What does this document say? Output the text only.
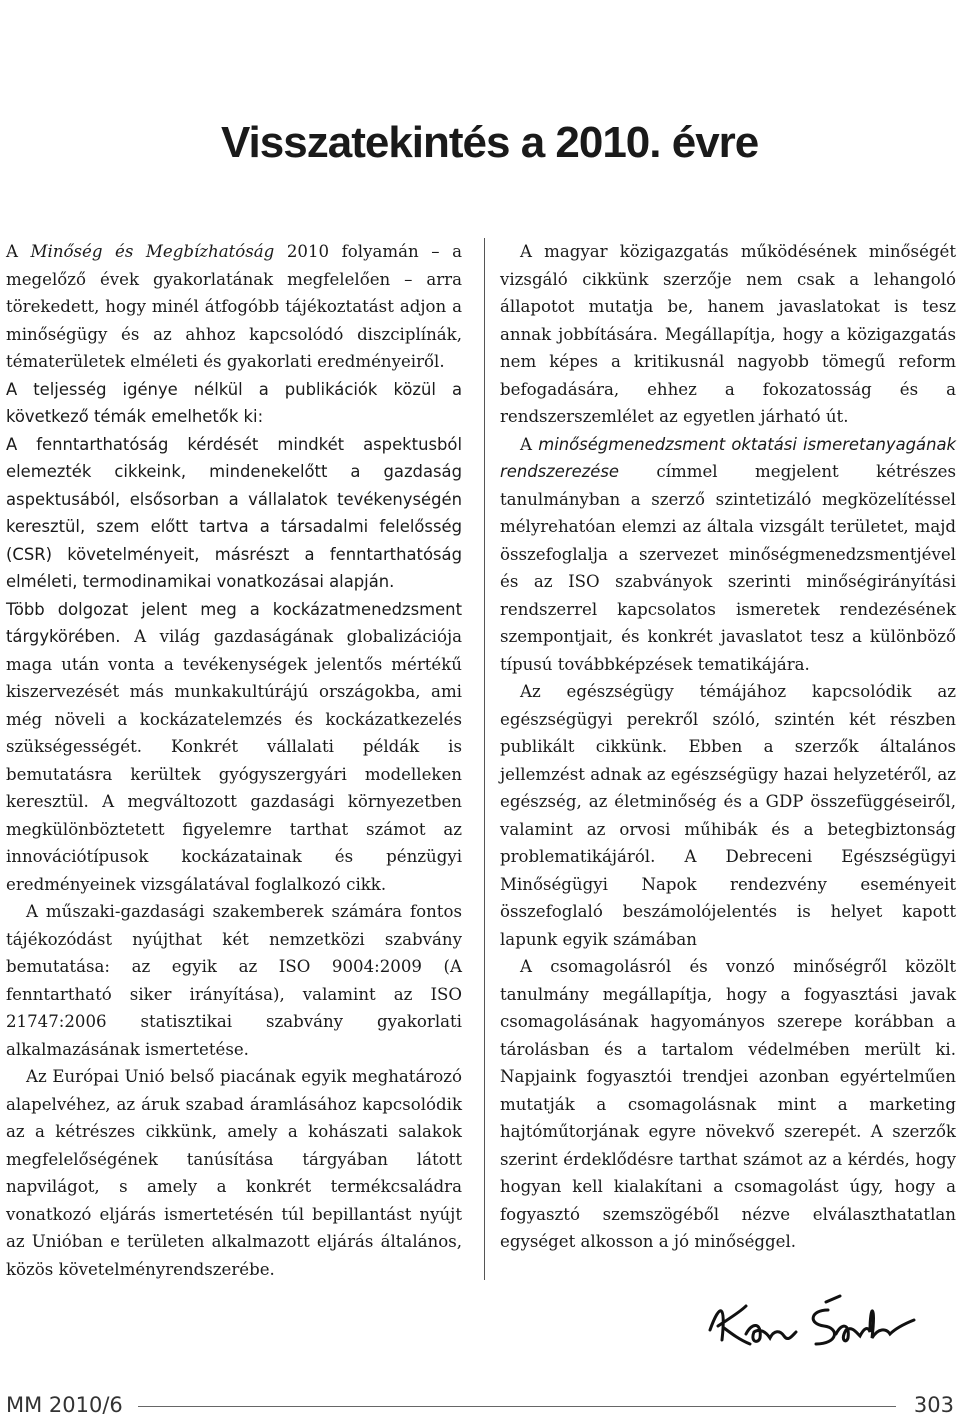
Visszatekintés a 2010. évre

A Minőség és Megbízhatóság 2010 folyamán – a megelőző évek gyakorlatának megfelelően – arra törekedett, hogy minél átfogóbb tájékoztatást adjon a minőségügy és az ahhoz kapcsolódó diszciplínák, tématerületek elméleti és gyakorlati eredményeiről.

A teljesség igénye nélkül a publikációk közül a következő témák emelhetők ki:

A fenntarthatóság kérdését mindkét aspektusból elemezték cikkeink, mindenekelőtt a gazdaság aspektusából, elsősorban a vállalatok tevékenységén keresztül, szem előtt tartva a társadalmi felelősség (CSR) követelményeit, másrészt a fenntarthatóság elméleti, termodinamikai vonatkozásai alapján.

Több dolgozat jelent meg a kockázatmenedzsment tárgykörében. A világ gazdaságának globalizációja maga után vonta a tevékenységek jelentős mértékű kiszervezését más munkakultúrájú országokba, ami még növeli a kockázatelemzés és kockázatkezelés szükségességét. Konkrét vállalati példák is bemutatásra kerültek gyógyszergyári modelleken keresztül. A megváltozott gazdasági környezetben megkülönböztetett figyelemre tarthat számot az innovációtípusok kockázatainak és pénzügyi eredményeinek vizsgálatával foglalkozó cikk.

A műszaki-gazdasági szakemberek számára fontos tájékozódást nyújthat két nemzetközi szabvány bemutatása: az egyik az ISO 9004:2009 (A fenntartható siker irányítása), valamint az ISO 21747:2006 statisztikai szabvány gyakorlati alkalmazásának ismertetése.

Az Európai Unió belső piacának egyik meghatározó alapelvéhez, az áruk szabad áramlásához kapcsolódik az a kétrészes cikkünk, amely a kohászati salakok megfelelőségének tanúsítása tárgyában látott napvilágot, s amely a konkrét termékcsaládra vonatkozó eljárás ismertetésén túl bepillantást nyújt az Unióban e területen alkalmazott eljárás általános, közös követelményrendszerébe.

A magyar közigazgatás működésének minőségét vizsgáló cikkünk szerzője nem csak a lehangoló állapotot mutatja be, hanem javaslatokat is tesz annak jobbítására. Megállapítja, hogy a közigazgatás nem képes a kritikusnál nagyobb tömegű reform befogadására, ehhez a fokozatosság és a rendszerszemlélet az egyetlen járható út.

A minőségmenedzsment oktatási ismeretanyagának rendszerezése címmel megjelent kétrészes tanulmányban a szerző szintetizáló megközelítéssel mélyrehatóan elemzi az általa vizsgált területet, majd összefoglalja a szervezet minőségmenedzsmentjével és az ISO szabványok szerinti minőségirányítási rendszerrel kapcsolatos ismeretek rendezésének szempontjait, és konkrét javaslatot tesz a különböző típusú továbbképzések tematikájára.

Az egészségügy témájához kapcsolódik az egészségügyi perekről szóló, szintén két részben publikált cikkünk. Ebben a szerzők általános jellemzést adnak az egészségügy hazai helyzetéről, az egészség, az életminőség és a GDP összefüggéseiről, valamint az orvosi műhibák és a betegbiztonság problematikájáról. A Debreceni Egészségügyi Minőségügyi Napok rendezvény eseményeit összefoglaló beszámolójelentés is helyet kapott lapunk egyik számában

A csomagolásról és vonzó minőségről közölt tanulmány megállapítja, hogy a fogyasztási javak csomagolásának hagyományos szerepe korábban a tárolásban és a tartalom védelmében merült ki. Napjaink fogyasztói trendjei azonban egyértelműen mutatják a csomagolásnak mint a marketing hajtóműtorjának egyre növekvő szerepét. A szerzők szerint érdeklődésre tarthat számot az a kérdés, hogy hogyan kell kialakítani a csomagolást úgy, hogy a fogyasztó szemszögéből nézve elválaszthatatlan egységet alkosson a jó minőséggel.

MM 2010/6	303
